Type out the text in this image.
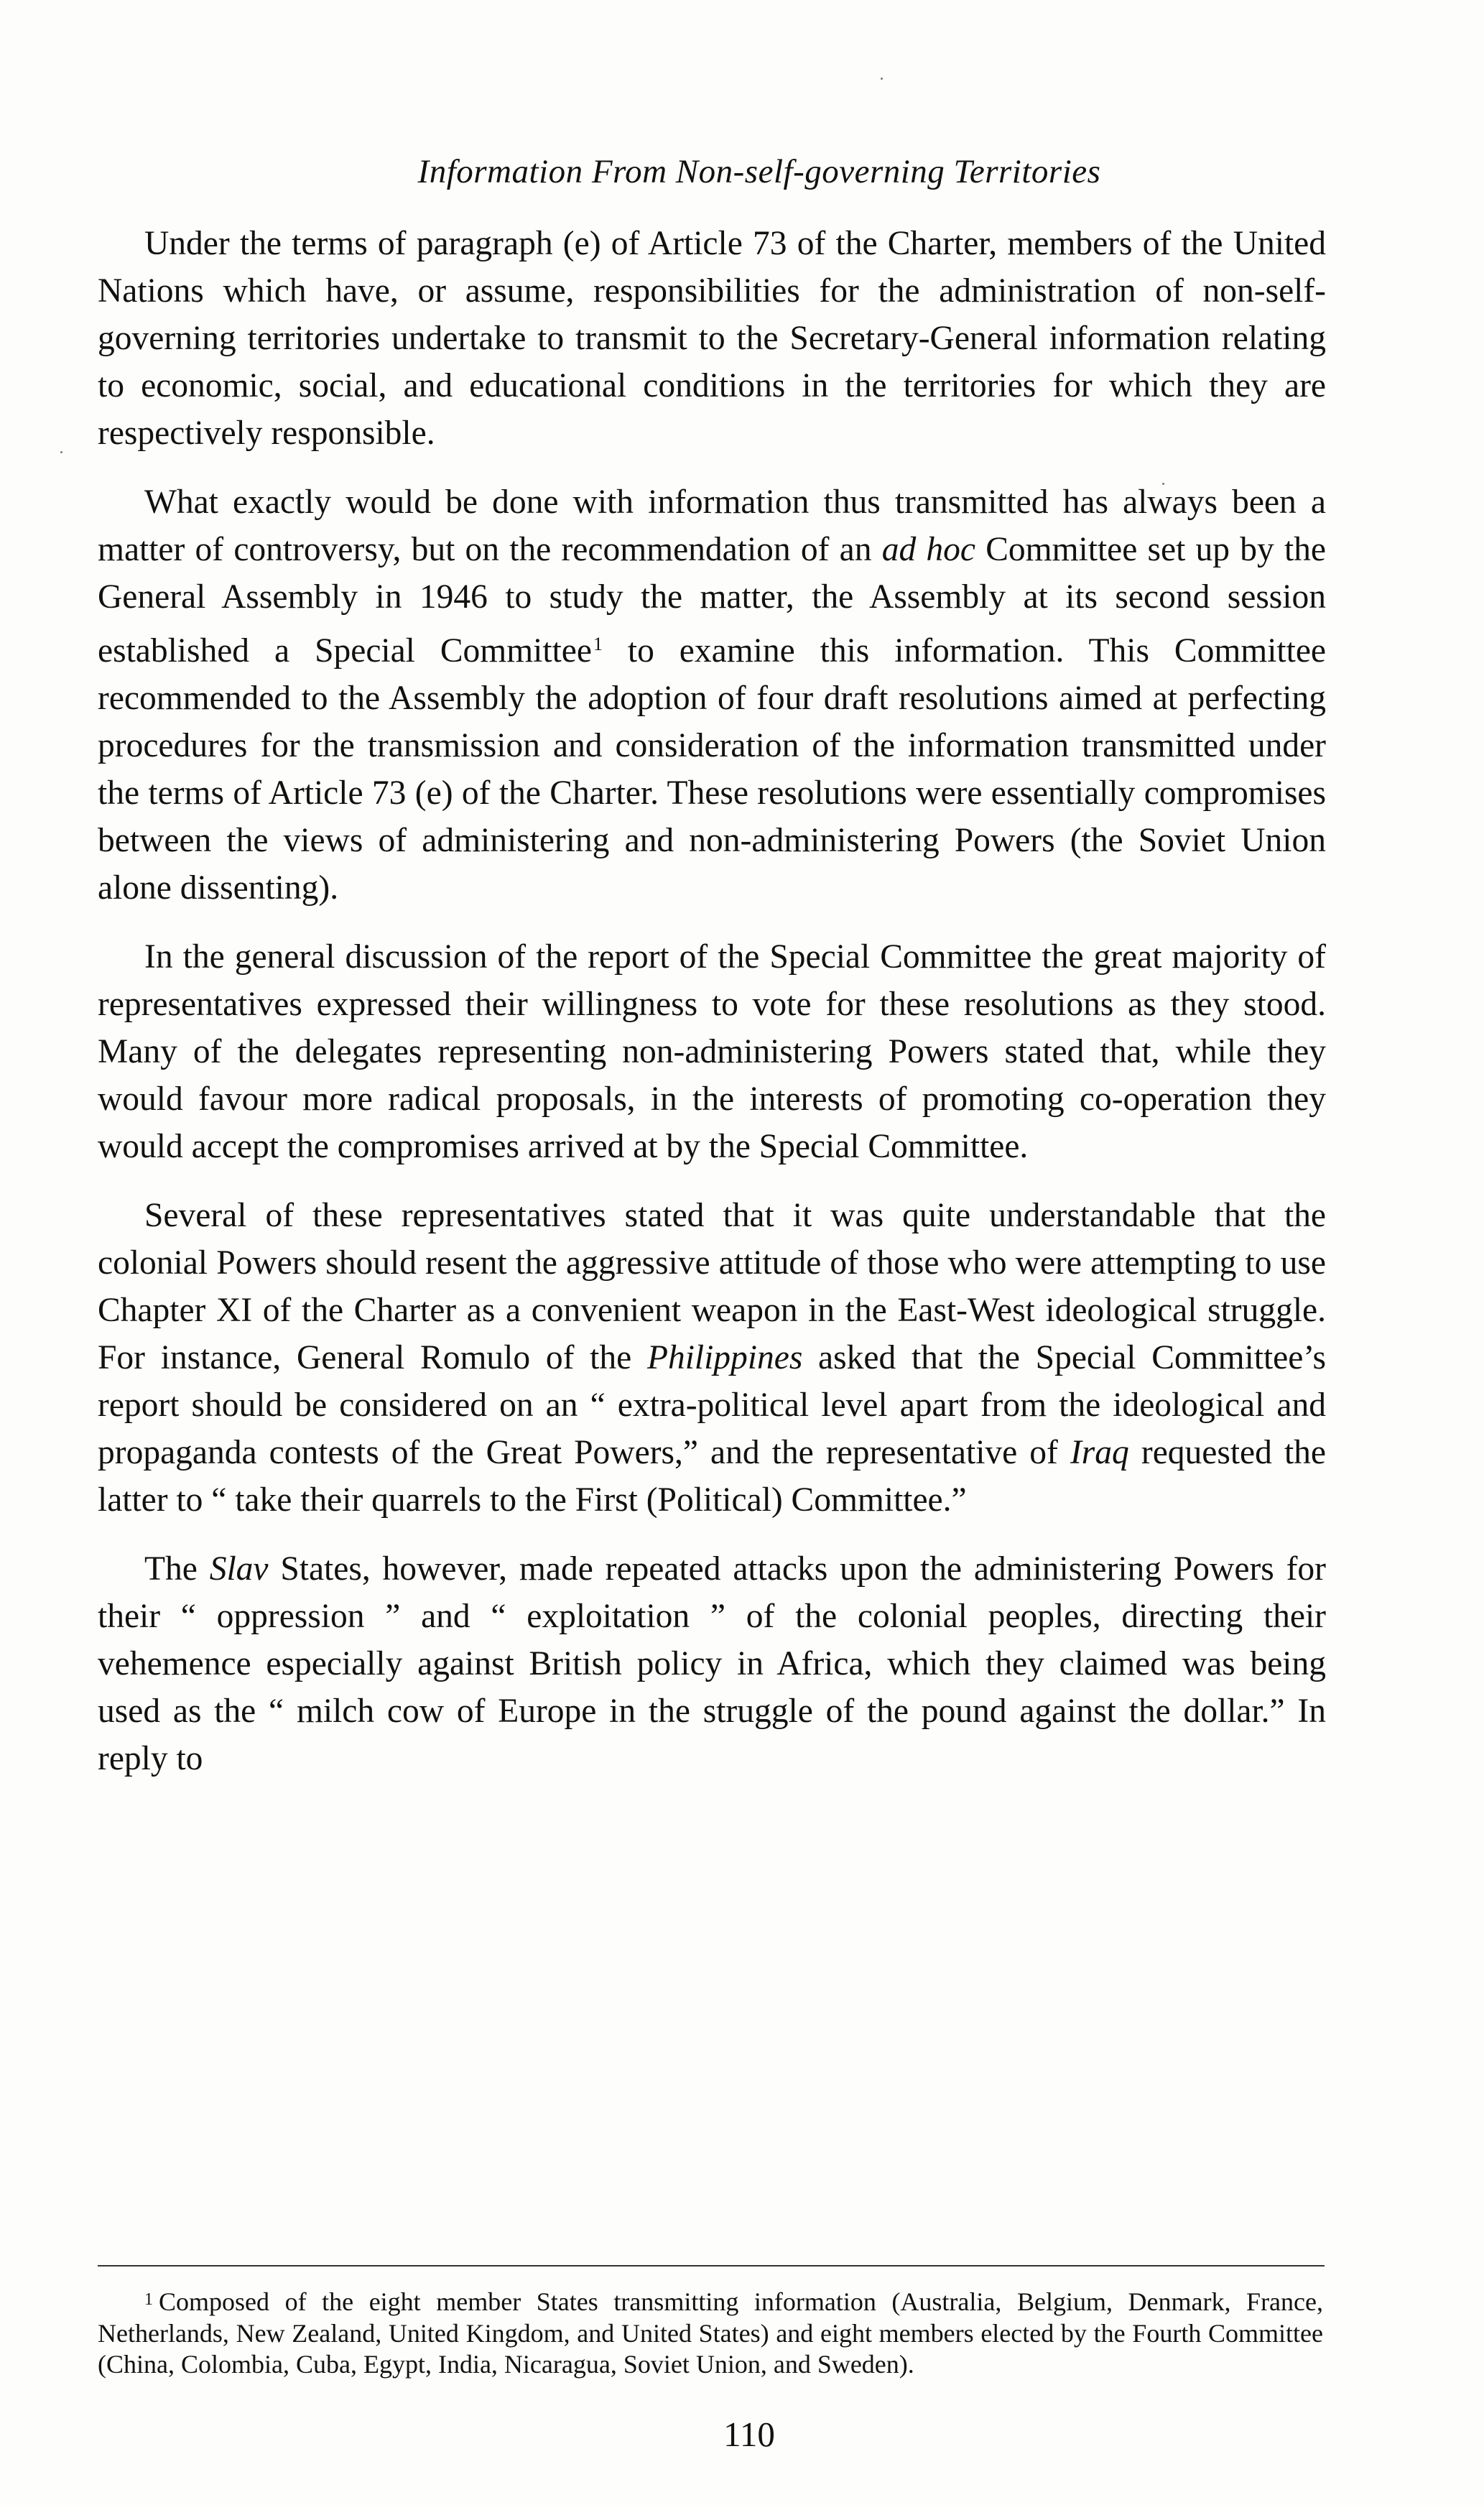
Information From Non-self-governing Territories

Under the terms of paragraph (e) of Article 73 of the Charter, members of the United Nations which have, or assume, responsibilities for the administration of non-self-governing territories undertake to transmit to the Secretary-General information relating to economic, social, and educational conditions in the territories for which they are respectively responsible.

What exactly would be done with information thus transmitted has always been a matter of controversy, but on the recommendation of an ad hoc Committee set up by the General Assembly in 1946 to study the matter, the Assembly at its second session established a Special Committee$^1$ to examine this information. This Committee recommended to the Assembly the adoption of four draft resolutions aimed at perfecting procedures for the transmission and consideration of the information transmitted under the terms of Article 73 (e) of the Charter. These resolutions were essentially compromises between the views of administering and non-administering Powers (the Soviet Union alone dissenting).

In the general discussion of the report of the Special Committee the great majority of representatives expressed their willingness to vote for these resolutions as they stood. Many of the delegates representing non-administering Powers stated that, while they would favour more radical proposals, in the interests of promoting co-operation they would accept the compromises arrived at by the Special Committee.

Several of these representatives stated that it was quite understandable that the colonial Powers should resent the aggressive attitude of those who were attempting to use Chapter XI of the Charter as a convenient weapon in the East-West ideological struggle. For instance, General Romulo of the Philippines asked that the Special Committee’s report should be considered on an “ extra-political level apart from the ideological and propaganda contests of the Great Powers,” and the representative of Iraq requested the latter to “ take their quarrels to the First (Political) Committee.”

The Slav States, however, made repeated attacks upon the administering Powers for their “ oppression ” and “ exploitation ” of the colonial peoples, directing their vehemence especially against British policy in Africa, which they claimed was being used as the “ milch cow of Europe in the struggle of the pound against the dollar.” In reply to

$^1$ Composed of the eight member States transmitting information (Australia, Belgium, Denmark, France, Netherlands, New Zealand, United Kingdom, and United States) and eight members elected by the Fourth Committee (China, Colombia, Cuba, Egypt, India, Nicaragua, Soviet Union, and Sweden).

110
